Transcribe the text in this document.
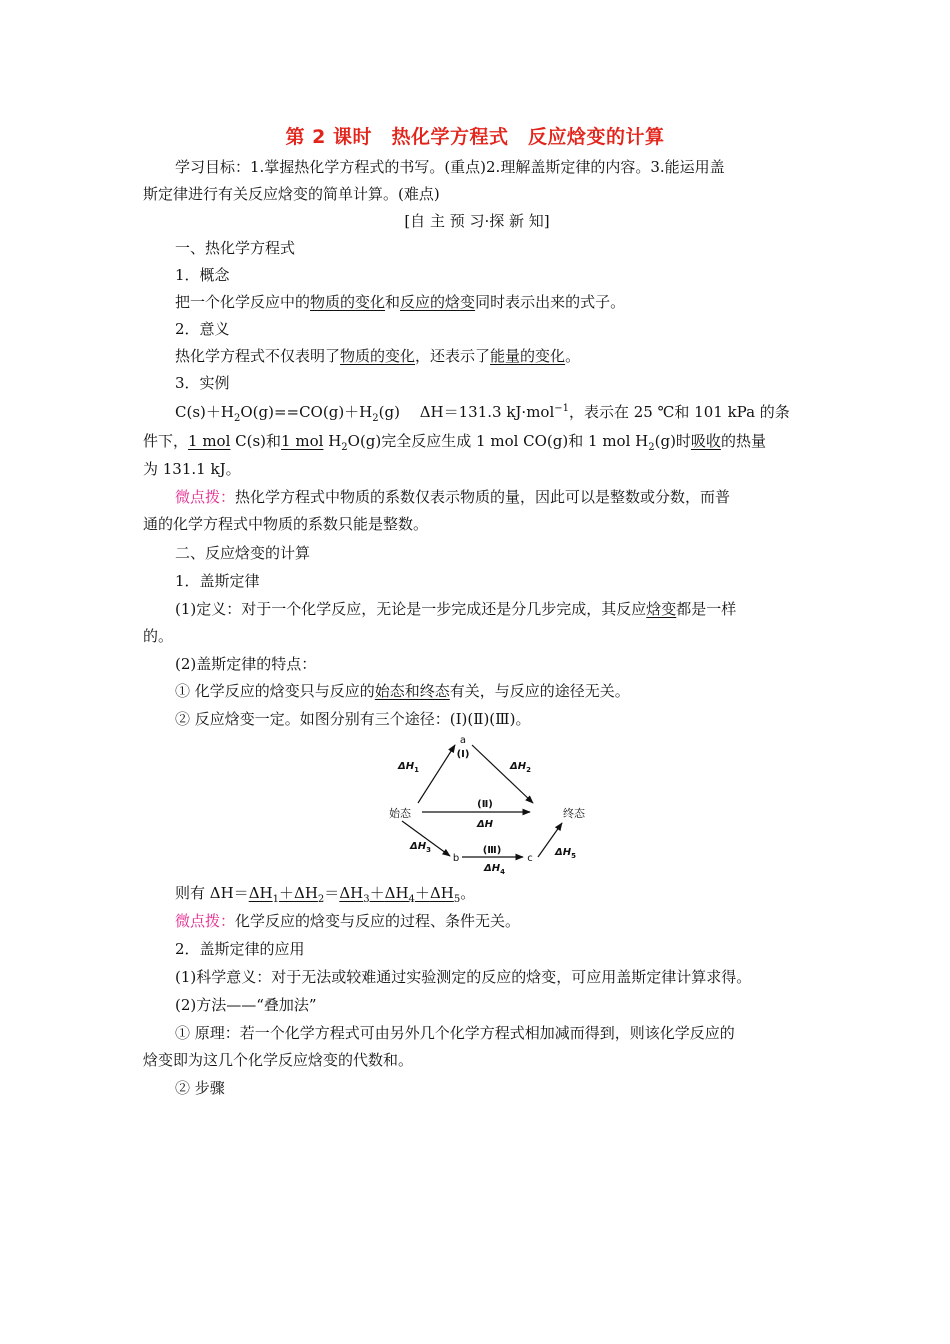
第 2 课时　热化学方程式　反应焓变的计算
学习目标：1.掌握热化学方程式的书写。(重点)2.理解盖斯定律的内容。3.能运用盖
斯定律进行有关反应焓变的简单计算。(难点)
[自 主 预 习·探 新 知]
一、热化学方程式
1．概念
把一个化学反应中的物质的变化和反应的焓变同时表示出来的式子。
2．意义
热化学方程式不仅表明了物质的变化，还表示了能量的变化。
3．实例
$C(s)+H_2O(g)==CO(g)+H_2(g)$　 ΔH＝131.3 kJ·mol$^{-1}$，表示在 25 ℃和 101 kPa 的条
件下，1 mol C(s)和1 mol $H_2O(g)$完全反应生成 1 mol CO(g)和 1 mol $H_2(g)$时吸收的热量
为 131.1 kJ。
微点拨：热化学方程式中物质的系数仅表示物质的量，因此可以是整数或分数，而普
通的化学方程式中物质的系数只能是整数。
二、反应焓变的计算
1．盖斯定律
(1)定义：对于一个化学反应，无论是一步完成还是分几步完成，其反应焓变都是一样
的。
(2)盖斯定律的特点：
① 化学反应的焓变只与反应的始态和终态有关，与反应的途径无关。
② 反应焓变一定。如图分别有三个途径：(Ⅰ)(Ⅱ)(Ⅲ)。
a
(Ⅰ)
$\Delta H_1$	$\Delta H_2$
始态	终态
(Ⅱ)
ΔH
$\Delta H_3$
b
(Ⅲ)
$\Delta H_4$
c
$\Delta H_5$
则有 $\Delta H=\Delta H_1+\Delta H_2=\Delta H_3+\Delta H_4+\Delta H_5$。
微点拨：化学反应的焓变与反应的过程、条件无关。
2．盖斯定律的应用
(1)科学意义：对于无法或较难通过实验测定的反应的焓变，可应用盖斯定律计算求得。
(2)方法——“叠加法”
① 原理：若一个化学方程式可由另外几个化学方程式相加减而得到，则该化学反应的
焓变即为这几个化学反应焓变的代数和。
② 步骤
